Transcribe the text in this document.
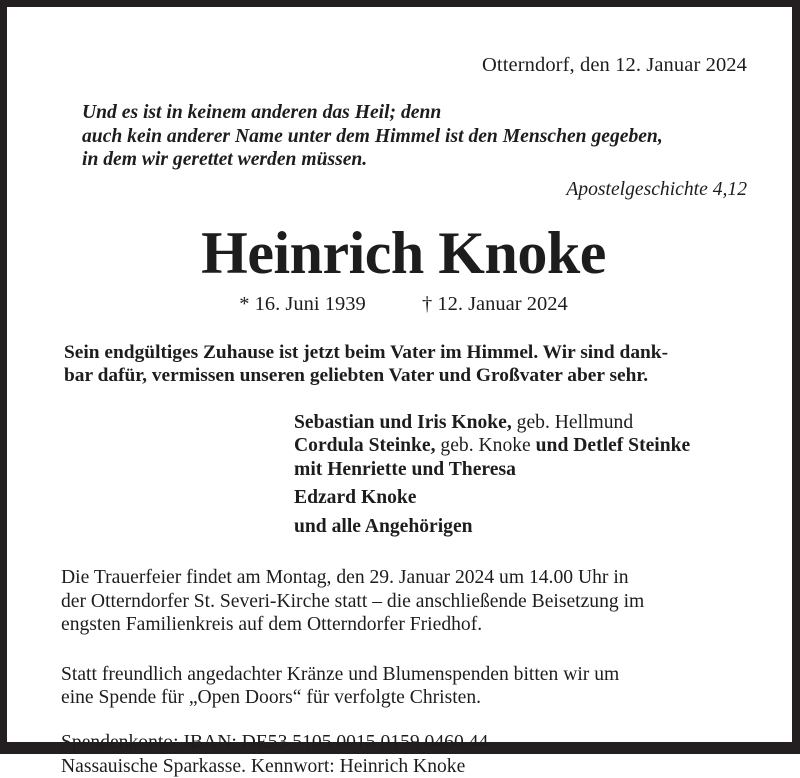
Otterndorf, den 12. Januar 2024
Und es ist in keinem anderen das Heil; denn
auch kein anderer Name unter dem Himmel ist den Menschen gegeben,
in dem wir gerettet werden müssen.
Apostelgeschichte 4,12
Heinrich Knoke
* 16. Juni 1939	† 12. Januar 2024
Sein endgültiges Zuhause ist jetzt beim Vater im Himmel. Wir sind dank-
bar dafür, vermissen unseren geliebten Vater und Großvater aber sehr.
Sebastian und Iris Knoke, geb. Hellmund
Cordula Steinke, geb. Knoke und Detlef Steinke
mit Henriette und Theresa
Edzard Knoke
und alle Angehörigen
Die Trauerfeier findet am Montag, den 29. Januar 2024 um 14.00 Uhr in
der Otterndorfer St. Severi-Kirche statt – die anschließende Beisetzung im
engsten Familienkreis auf dem Otterndorfer Friedhof.
Statt freundlich angedachter Kränze und Blumenspenden bitten wir um
eine Spende für „Open Doors“ für verfolgte Christen.
Spendenkonto: IBAN: DE53 5105 0015 0159 0460 44
Nassauische Sparkasse. Kennwort: Heinrich Knoke
